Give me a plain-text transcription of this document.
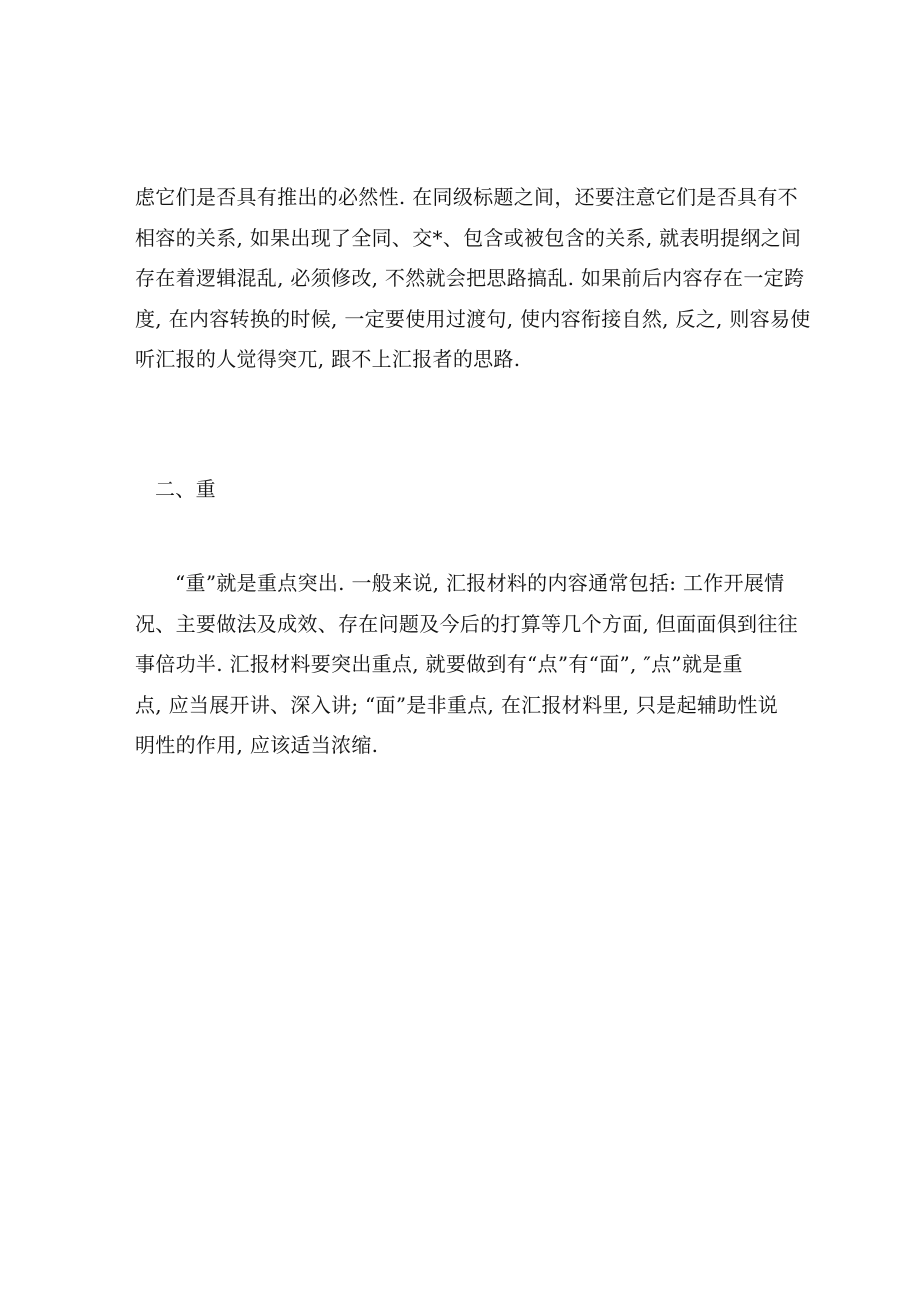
虑它们是否具有推出的必然性. 在同级标题之间，还要注意它们是否具有不
相容的关系, 如果出现了全同、交*、包含或被包含的关系, 就表明提纲之间
存在着逻辑混乱, 必须修改, 不然就会把思路搞乱. 如果前后内容存在一定跨
度, 在内容转换的时候, 一定要使用过渡句, 使内容衔接自然, 反之, 则容易使
听汇报的人觉得突兀, 跟不上汇报者的思路.
二、重
“重”就是重点突出. 一般来说, 汇报材料的内容通常包括: 工作开展情
况、主要做法及成效、存在问题及今后的打算等几个方面, 但面面俱到往往
事倍功半. 汇报材料要突出重点, 就要做到有“点”有“面”, ″点”就是重
点, 应当展开讲、深入讲; “面”是非重点, 在汇报材料里, 只是起辅助性说
明性的作用, 应该适当浓缩.
